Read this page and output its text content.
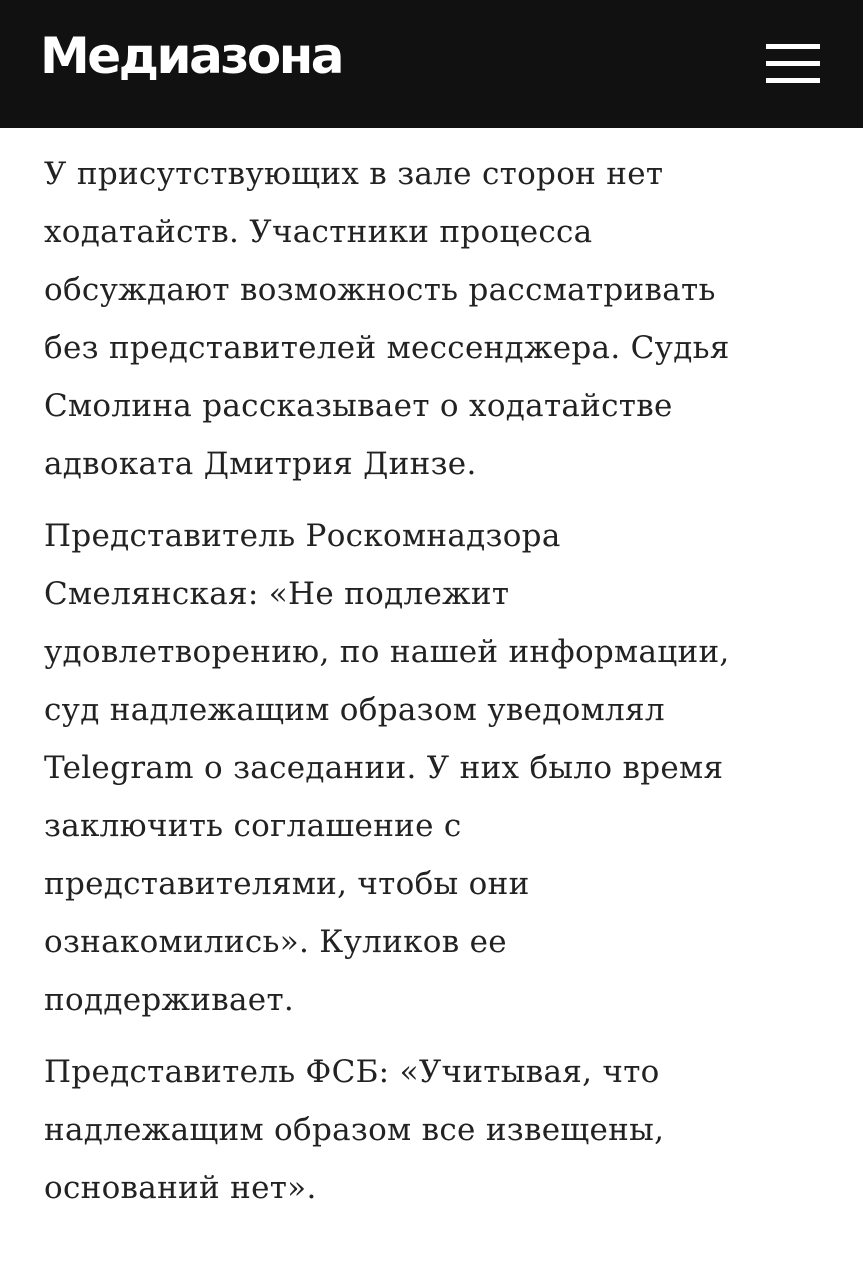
Медиазона

У присутствующих в зале сторон нет
ходатайств. Участники процесса
обсуждают возможность рассматривать
без представителей мессенджера. Судья
Смолина рассказывает о ходатайстве
адвоката Дмитрия Динзе.

Представитель Роскомнадзора
Смелянская: «Не подлежит
удовлетворению, по нашей информации,
суд надлежащим образом уведомлял
Telegram о заседании. У них было время
заключить соглашение с
представителями, чтобы они
ознакомились». Куликов ее
поддерживает.

Представитель ФСБ: «Учитывая, что
надлежащим образом все извещены,
оснований нет».
